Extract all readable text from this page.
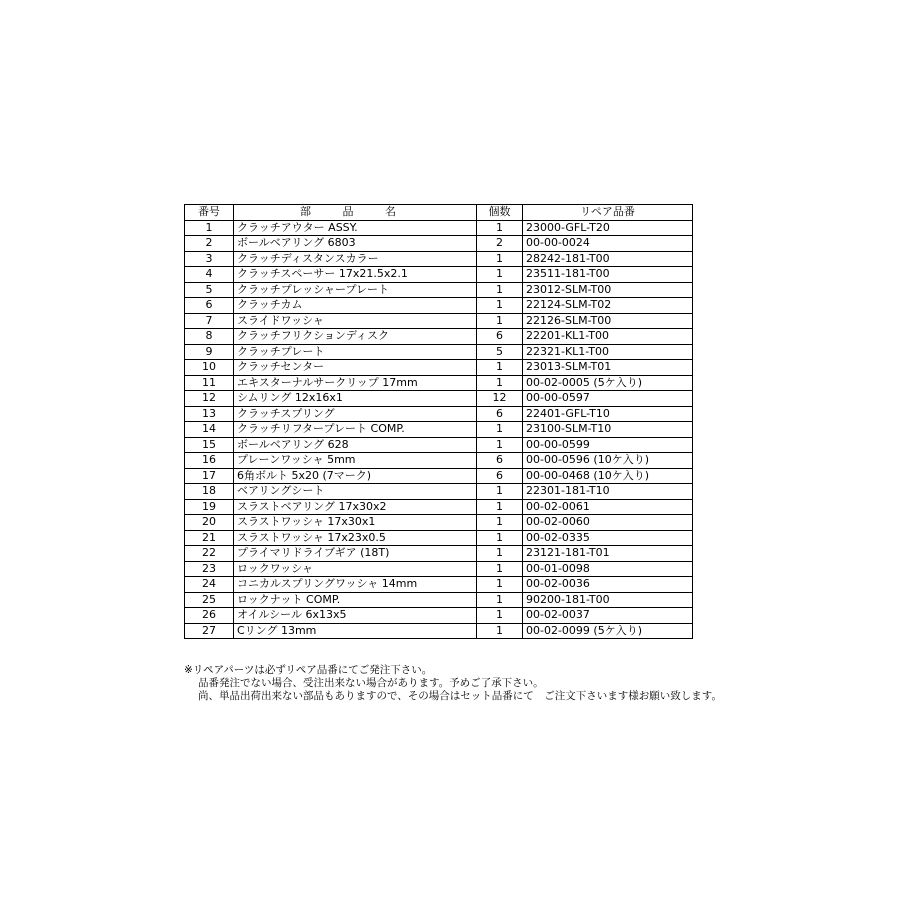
番号	部 品 名	個数	リペア品番
1	クラッチアウター ASSY.	1	23000-GFL-T20
2	ボールベアリング 6803	2	00-00-0024
3	クラッチディスタンスカラー	1	28242-181-T00
4	クラッチスペーサー 17x21.5x2.1	1	23511-181-T00
5	クラッチプレッシャープレート	1	23012-SLM-T00
6	クラッチカム	1	22124-SLM-T02
7	スライドワッシャ	1	22126-SLM-T00
8	クラッチフリクションディスク	6	22201-KL1-T00
9	クラッチプレート	5	22321-KL1-T00
10	クラッチセンター	1	23013-SLM-T01
11	エキスターナルサークリップ 17mm	1	00-02-0005 (5ケ入り)
12	シムリング 12x16x1	12	00-00-0597
13	クラッチスプリング	6	22401-GFL-T10
14	クラッチリフタープレート COMP.	1	23100-SLM-T10
15	ボールベアリング 628	1	00-00-0599
16	プレーンワッシャ 5mm	6	00-00-0596 (10ケ入り)
17	6角ボルト 5x20 (7マーク)	6	00-00-0468 (10ケ入り)
18	ベアリングシート	1	22301-181-T10
19	スラストベアリング 17x30x2	1	00-02-0061
20	スラストワッシャ 17x30x1	1	00-02-0060
21	スラストワッシャ 17x23x0.5	1	00-02-0335
22	プライマリドライブギア (18T)	1	23121-181-T01
23	ロックワッシャ	1	00-01-0098
24	コニカルスプリングワッシャ 14mm	1	00-02-0036
25	ロックナット COMP.	1	90200-181-T00
26	オイルシール 6x13x5	1	00-02-0037
27	Cリング 13mm	1	00-02-0099 (5ケ入り)
※リペアパーツは必ずリペア品番にてご発注下さい。
品番発注でない場合、受注出来ない場合があります。予めご了承下さい。
尚、単品出荷出来ない部品もありますので、その場合はセット品番にて　ご注文下さいます様お願い致します。
